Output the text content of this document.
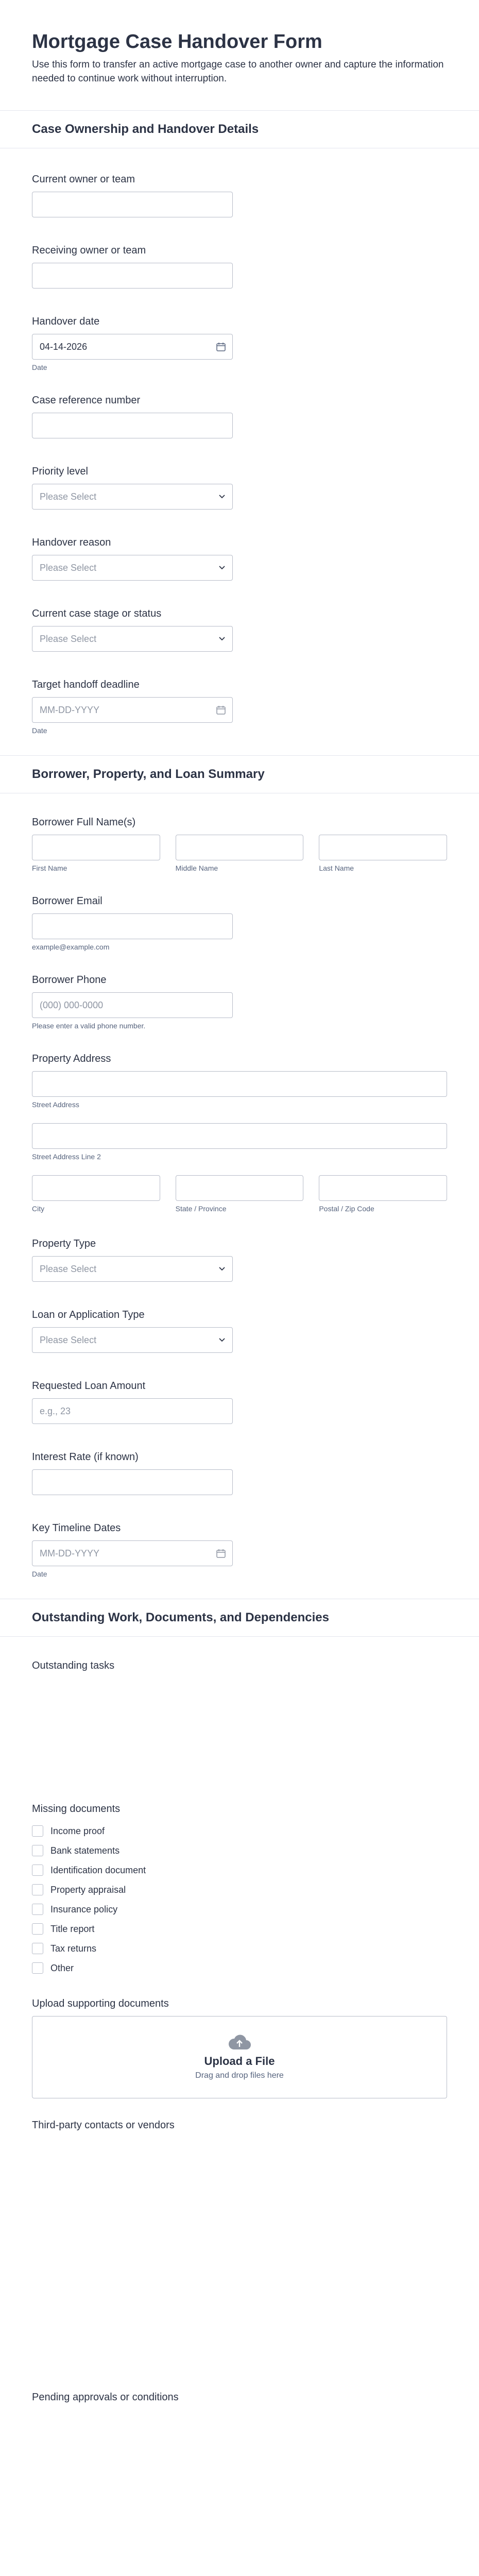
Mortgage Case Handover Form

Use this form to transfer an active mortgage case to another owner and capture the information needed to continue work without interruption.

Case Ownership and Handover Details
Current owner or team
Receiving owner or team
Handover date
04-14-2026
Date
Case reference number
Priority level
Please Select
Handover reason
Please Select
Current case stage or status
Please Select
Target handoff deadline
MM-DD-YYYY
Date
Borrower, Property, and Loan Summary
Borrower Full Name(s)
First Name	Middle Name	Last Name
Borrower Email
example@example.com
Borrower Phone
(000) 000-0000
Please enter a valid phone number.
Property Address
Street Address
Street Address Line 2
City	State / Province	Postal / Zip Code
Property Type
Please Select
Loan or Application Type
Please Select
Requested Loan Amount
e.g., 23
Interest Rate (if known)
Key Timeline Dates
MM-DD-YYYY
Date
Outstanding Work, Documents, and Dependencies
Outstanding tasks
Missing documents
Income proof
Bank statements
Identification document
Property appraisal
Insurance policy
Title report
Tax returns
Other
Upload supporting documents
Upload a File
Drag and drop files here
Third-party contacts or vendors
Pending approvals or conditions
